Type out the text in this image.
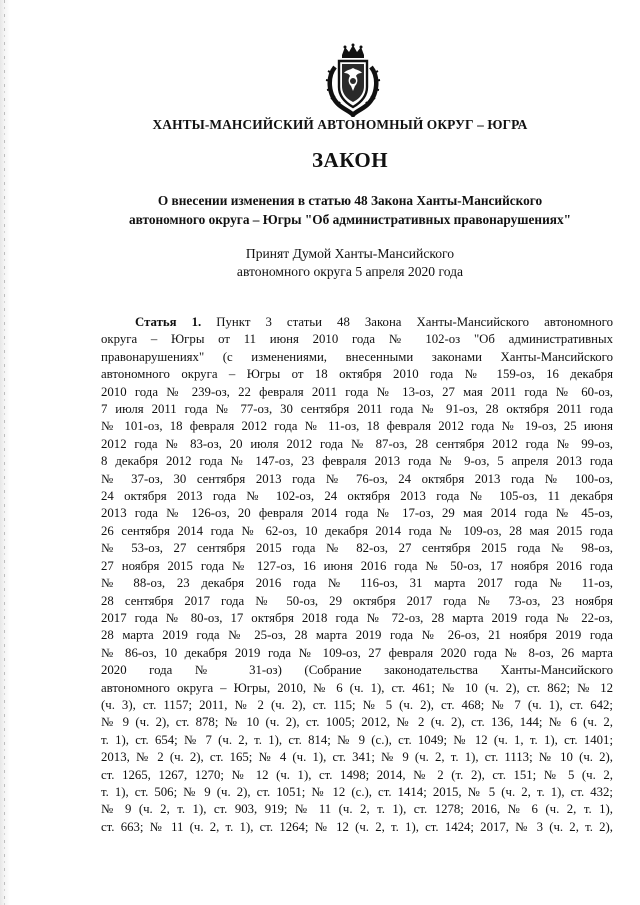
ХАНТЫ-МАНСИЙСКИЙ АВТОНОМНЫЙ ОКРУГ – ЮГРА
ЗАКОН
О внесении изменения в статью 48 Закона Ханты-Мансийского
автономного округа – Югры "Об административных правонарушениях"
Принят Думой Ханты-Мансийского
автономного округа 5 апреля 2020 года
Статья 1. Пункт 3 статьи 48 Закона Ханты-Мансийского автономного
округа – Югры от 11 июня 2010 года № 102-оз "Об административных
правонарушениях" (с изменениями, внесенными законами Ханты-Мансийского
автономного округа – Югры от 18 октября 2010 года № 159-оз, 16 декабря
2010 года № 239-оз, 22 февраля 2011 года № 13-оз, 27 мая 2011 года № 60-оз,
7 июля 2011 года № 77-оз, 30 сентября 2011 года № 91-оз, 28 октября 2011 года
№ 101-оз, 18 февраля 2012 года № 11-оз, 18 февраля 2012 года № 19-оз, 25 июня
2012 года № 83-оз, 20 июля 2012 года № 87-оз, 28 сентября 2012 года № 99-оз,
8 декабря 2012 года № 147-оз, 23 февраля 2013 года № 9-оз, 5 апреля 2013 года
№ 37-оз, 30 сентября 2013 года № 76-оз, 24 октября 2013 года № 100-оз,
24 октября 2013 года № 102-оз, 24 октября 2013 года № 105-оз, 11 декабря
2013 года № 126-оз, 20 февраля 2014 года № 17-оз, 29 мая 2014 года № 45-оз,
26 сентября 2014 года № 62-оз, 10 декабря 2014 года № 109-оз, 28 мая 2015 года
№ 53-оз, 27 сентября 2015 года № 82-оз, 27 сентября 2015 года № 98-оз,
27 ноября 2015 года № 127-оз, 16 июня 2016 года № 50-оз, 17 ноября 2016 года
№ 88-оз, 23 декабря 2016 года № 116-оз, 31 марта 2017 года № 11-оз,
28 сентября 2017 года № 50-оз, 29 октября 2017 года № 73-оз, 23 ноября
2017 года № 80-оз, 17 октября 2018 года № 72-оз, 28 марта 2019 года № 22-оз,
28 марта 2019 года № 25-оз, 28 марта 2019 года № 26-оз, 21 ноября 2019 года
№ 86-оз, 10 декабря 2019 года № 109-оз, 27 февраля 2020 года № 8-оз, 26 марта
2020 года № 31-оз) (Собрание законодательства Ханты-Мансийского
автономного округа – Югры, 2010, № 6 (ч. 1), ст. 461; № 10 (ч. 2), ст. 862; № 12
(ч. 3), ст. 1157; 2011, № 2 (ч. 2), ст. 115; № 5 (ч. 2), ст. 468; № 7 (ч. 1), ст. 642;
№ 9 (ч. 2), ст. 878; № 10 (ч. 2), ст. 1005; 2012, № 2 (ч. 2), ст. 136, 144; № 6 (ч. 2,
т. 1), ст. 654; № 7 (ч. 2, т. 1), ст. 814; № 9 (с.), ст. 1049; № 12 (ч. 1, т. 1), ст. 1401;
2013, № 2 (ч. 2), ст. 165; № 4 (ч. 1), ст. 341; № 9 (ч. 2, т. 1), ст. 1113; № 10 (ч. 2),
ст. 1265, 1267, 1270; № 12 (ч. 1), ст. 1498; 2014, № 2 (т. 2), ст. 151; № 5 (ч. 2,
т. 1), ст. 506; № 9 (ч. 2), ст. 1051; № 12 (с.), ст. 1414; 2015, № 5 (ч. 2, т. 1), ст. 432;
№ 9 (ч. 2, т. 1), ст. 903, 919; № 11 (ч. 2, т. 1), ст. 1278; 2016, № 6 (ч. 2, т. 1),
ст. 663; № 11 (ч. 2, т. 1), ст. 1264; № 12 (ч. 2, т. 1), ст. 1424; 2017, № 3 (ч. 2, т. 2),
